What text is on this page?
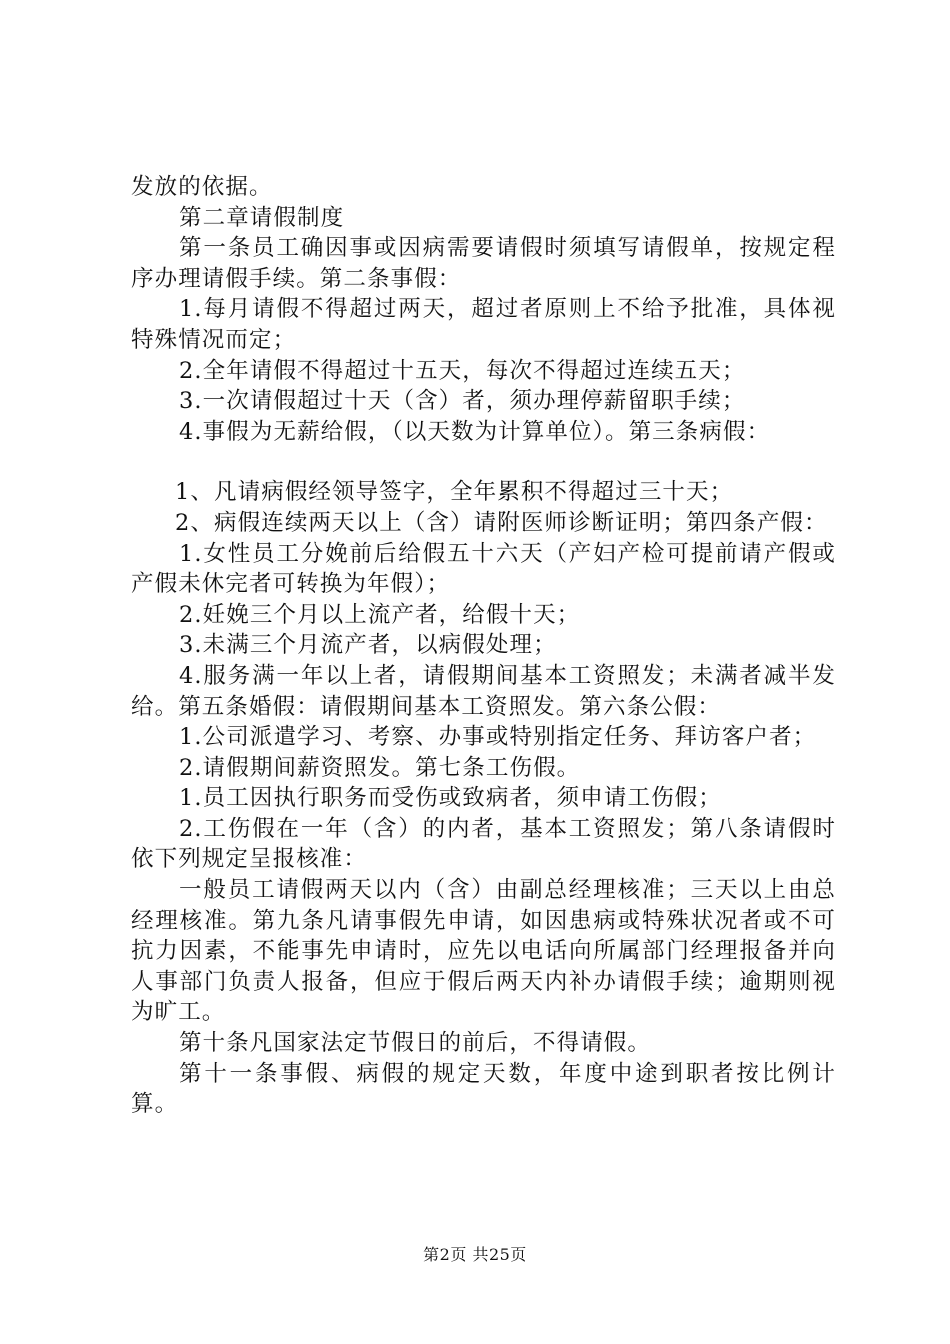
发放的依据。

第二章请假制度

第一条员工确因事或因病需要请假时须填写请假单，按规定程序办理请假手续。第二条事假：

1.每月请假不得超过两天，超过者原则上不给予批准，具体视特殊情况而定；

2.全年请假不得超过十五天，每次不得超过连续五天；

3.一次请假超过十天（含）者，须办理停薪留职手续；

4.事假为无薪给假，（以天数为计算单位）。第三条病假：

1、凡请病假经领导签字，全年累积不得超过三十天；

2、病假连续两天以上（含）请附医师诊断证明；第四条产假：

1.女性员工分娩前后给假五十六天（产妇产检可提前请产假或产假未休完者可转换为年假）；

2.妊娩三个月以上流产者，给假十天；

3.未满三个月流产者，以病假处理；

4.服务满一年以上者，请假期间基本工资照发；未满者减半发给。第五条婚假：请假期间基本工资照发。第六条公假：

1.公司派遣学习、考察、办事或特别指定任务、拜访客户者；

2.请假期间薪资照发。第七条工伤假。

1.员工因执行职务而受伤或致病者，须申请工伤假；

2.工伤假在一年（含）的内者，基本工资照发；第八条请假时依下列规定呈报核准：

一般员工请假两天以内（含）由副总经理核准；三天以上由总经理核准。第九条凡请事假先申请，如因患病或特殊状况者或不可抗力因素，不能事先申请时，应先以电话向所属部门经理报备并向人事部门负责人报备，但应于假后两天内补办请假手续；逾期则视为旷工。

第十条凡国家法定节假日的前后，不得请假。

第十一条事假、病假的规定天数，年度中途到职者按比例计算。

第2页 共25页
